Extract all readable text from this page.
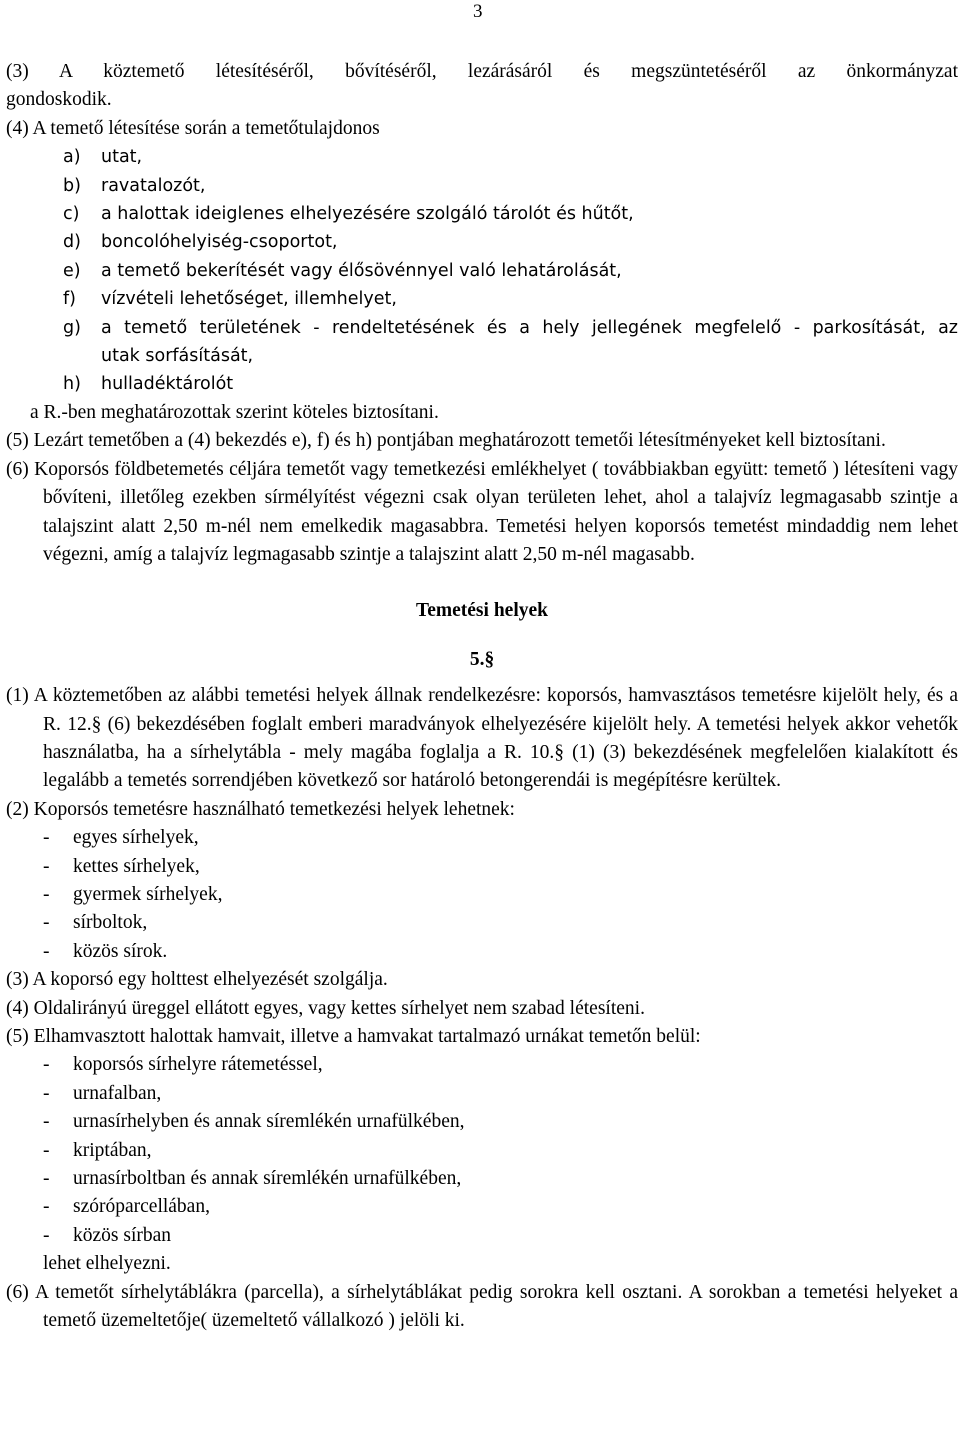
3

(3) A köztemető létesítéséről, bővítéséről, lezárásáról és megszüntetéséről az önkormányzat

gondoskodik.

(4) A temető létesítése során a temetőtulajdonos

a)	utat,
b)	ravatalozót,
c)	a halottak ideiglenes elhelyezésére szolgáló tárolót és hűtőt,
d)	boncolóhelyiség-csoportot,
e)	a temető bekerítését vagy élősövénnyel való lehatárolását,
f)	vízvételi lehetőséget, illemhelyet,
g)	a temető területének - rendeltetésének és a hely jellegének megfelelő - parkosítását, az
utak sorfásítását,
h)	hulladéktárolót

a R.-ben meghatározottak szerint köteles biztosítani.

(5) Lezárt temetőben a (4) bekezdés e), f) és h) pontjában meghatározott temetői létesítményeket kell biztosítani.

(6) Koporsós földbetemetés céljára temetőt vagy temetkezési emlékhelyet ( továbbiakban együtt: temető ) létesíteni vagy bővíteni, illetőleg ezekben sírmélyítést végezni csak olyan területen lehet, ahol a talajvíz legmagasabb szintje a talajszint alatt 2,50 m-nél nem emelkedik magasabbra. Temetési helyen koporsós temetést mindaddig nem lehet végezni, amíg a talajvíz legmagasabb szintje a talajszint alatt 2,50 m-nél magasabb.

Temetési helyek

5.§

(1) A köztemetőben az alábbi temetési helyek állnak rendelkezésre: koporsós, hamvasztásos temetésre kijelölt hely, és a R. 12.§ (6) bekezdésében foglalt emberi maradványok elhelyezésére kijelölt hely. A temetési helyek akkor vehetők használatba, ha a sírhelytábla - mely magába foglalja a R. 10.§ (1) (3) bekezdésének megfelelően kialakított és legalább a temetés sorrendjében következő sor határoló betongerendái is megépítésre kerültek.

(2) Koporsós temetésre használható temetkezési helyek lehetnek:

-	egyes sírhelyek,
-	kettes sírhelyek,
-	gyermek sírhelyek,
-	sírboltok,
-	közös sírok.

(3) A koporsó egy holttest elhelyezését szolgálja.

(4) Oldalirányú üreggel ellátott egyes, vagy kettes sírhelyet nem szabad létesíteni.

(5) Elhamvasztott halottak hamvait, illetve a hamvakat tartalmazó urnákat temetőn belül:

-	koporsós sírhelyre rátemetéssel,
-	urnafalban,
-	urnasírhelyben és annak síremlékén urnafülkében,
-	kriptában,
-	urnasírboltban és annak síremlékén urnafülkében,
-	szóróparcellában,
-	közös sírban

lehet elhelyezni.

(6) A temetőt sírhelytáblákra (parcella), a sírhelytáblákat pedig sorokra kell osztani. A sorokban a temetési helyeket a temető üzemeltetője( üzemeltető vállalkozó ) jelöli ki.
